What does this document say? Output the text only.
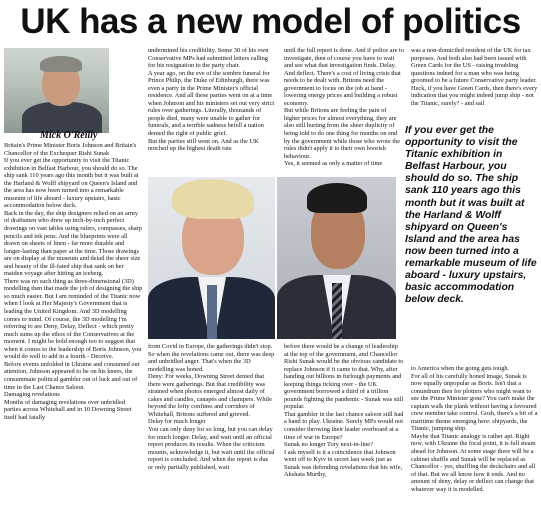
UK has a new model of politics
Mick O'Reilly

Britain's Prime Minister Boris Johnson and Britain's Chancellor of the Exchequer Rishi Sunak

If you ever get the opportunity to visit the Titanic exhibition in Belfast Harbour, you should do so. The ship sank 110 years ago this month but it was built at the Harland & Wolff shipyard on Queen's Island and the area has now been turned into a remarkable museum of life aboard - luxury upstairs, basic accommodation below deck.

Back in the day, the ship designers relied on an army of draftsmen who drew up inch-by-inch perfect drawings on vast tables using rulers, compasses, sharp pencils and ink pens. And the blueprints were all drawn on sheets of linen - far more durable and longer-lasting than paper at the time. Those drawings are on display at the museum and detail the sheer size and beauty of the ill-fated ship that sank on her maiden voyage after hitting an iceberg.

There was no such thing as three-dimensional (3D) modelling then that made the job of designing the ship so much easier. But I am reminded of the Titanic now when I look at Her Majesty's Government that is leading the United Kingdom. And 3D modelling comes to mind. Of course, the 3D modelling I'm referring to are Deny, Delay, Deflect - which pretty much sums up the ethos of the Conservatives at the moment. I might be bold enough too to suggest that when it comes to the leadership of Boris Johnson, you would do well to add in a fourth - Deceive.

Before events unfolded in Ukraine and consumed our attention, Johnson appeared to be on his knees, the consummate political gambler out of luck and out of time in the Last Chance Saloon.

Damaging revelations

Months of damaging revelations over unbridled parties across Whitehall and in 10 Downing Street itself had fatally

undermined his credibility. Some 30 of his own Conservative MPs had submitted letters calling for his resignation to the party chair.

A year ago, on the eve of the sombre funeral for Prince Philip, the Duke of Edinburgh, there was even a party in the Prime Minister's official residence. And all these parties went on at a time when Johnson and his ministers set out very strict rules over gatherings. Literally, thousands of people died, many were unable to gather for funerals, and a terrible sadness befell a nation denied the right of public grief.

But the parties still went on. And as the UK notched up the highest death rate

until the full report is done. And if police are to investigate, then of course you have to wait and see what that investigation finds. Delay.

And deflect. There's a cost of living crisis that needs to be dealt with. Britons need the government to focus on the job at hand - lowering energy prices and building a robust economy.

But while Britons are feeling the pain of higher prices for almost everything, they are also still hurting from the sheer duplicity of being told to do one thing for months on end by the government while those who wrote the rules didn't apply it to their own boorish behaviour.

Yes, it seemed as only a matter of time

was a non-domiciled resident of the UK for tax purposes. And both also had been issued with Green Cards for the US - raising troubling questions indeed for a man who was being groomed to be a future Conservative party leader. Heck, if you have Green Cards, then there's every indication that you might indeed jump ship - not the Titanic, surely? - and sail

If you ever get the opportunity to visit the Titanic exhibition in Belfast Harbour, you should do so. The ship sank 110 years ago this month but it was built at the Harland & Wolff shipyard on Queen's Island and the area has now been turned into a remarkable museum of life aboard - luxury upstairs, basic accommodation below deck.

from Covid in Europe, the gatherings didn't stop. So when the revelations came out, there was deep and unbridled anger. That's when the 3D modelling was honed.

Deny: For weeks, Downing Street denied that there were gatherings. But that credibility was strained when photos emerged almost daily of cakes and candles, canapés and champers. While beyond the lofty confines and corridors of Whitehall, Britons suffered and grieved.

Delay for much longer

You can only deny for so long, but you can delay for much longer. Delay, and wait until an official report produces its results. When the criticism mounts, acknowledge it, but wait until the official report is concluded. And when the report is due or only partially published, wait

before there would be a change of leadership at the top of the government, and Chancellor Rishi Sunak would be the obvious candidate to replace Johnson if it came to that. Why, after handing out billions in furlough payments and keeping things ticking over - the UK government borrowed a third of a trillion pounds fighting the pandemic - Sunak was still popular.

That gambler in the last chance saloon still had a hand to play. Ukraine. Surely MPs would not consider throwing their leader overboard at a time of war in Europe?

Sunak no longer Tory next-in-line?

I ask myself is it a coincidence that Johnson went off to Kyiv in secret last week just as Sunak was defending revelations that his wife, Akshata Murthy,

to America when the going gets tough.

For all of his carefully honed image, Sunak is now equally unpopular as Boris. Isn't that a conundrum then for plotters who might want to see the Prime Minister gone? You can't make the captain walk the plank without having a favoured crew member take control. Gosh, there's a bit of a maritime theme emerging here: shipyards, the Titanic, jumping ship.

Maybe that Titanic analogy is rather apt. Right now, with Ukraine the focal point, it is full steam ahead for Johnson. At some stage there will be a cabinet shuffle and Sunak will be replaced as Chancellor - yes, shuffling the deckchairs and all of that. But we all know how it ends. And no amount of deny, delay or deflect can change that whatever way it is modelled.
